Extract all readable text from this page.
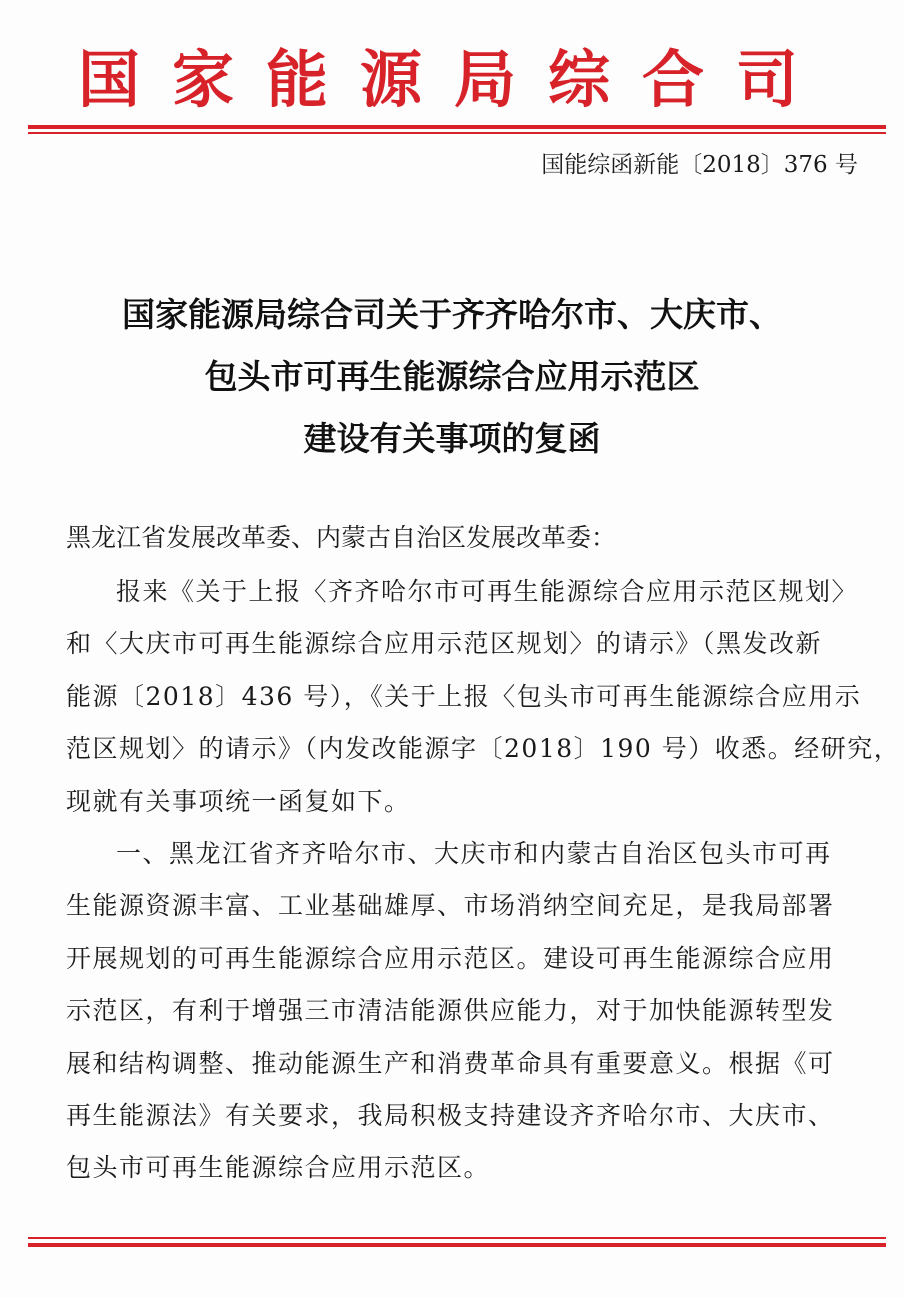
国家能源局综合司
国能综函新能〔2018〕376 号
国家能源局综合司关于齐齐哈尔市、大庆市、
包头市可再生能源综合应用示范区
建设有关事项的复函
黑龙江省发展改革委、内蒙古自治区发展改革委：
报来《关于上报〈齐齐哈尔市可再生能源综合应用示范区规划〉
和〈大庆市可再生能源综合应用示范区规划〉的请示》（黑发改新
能源〔2018〕436 号），《关于上报〈包头市可再生能源综合应用示
范区规划〉的请示》（内发改能源字〔2018〕190 号）收悉。经研究，
现就有关事项统一函复如下。
一、黑龙江省齐齐哈尔市、大庆市和内蒙古自治区包头市可再
生能源资源丰富、工业基础雄厚、市场消纳空间充足，是我局部署
开展规划的可再生能源综合应用示范区。建设可再生能源综合应用
示范区，有利于增强三市清洁能源供应能力，对于加快能源转型发
展和结构调整、推动能源生产和消费革命具有重要意义。根据《可
再生能源法》有关要求，我局积极支持建设齐齐哈尔市、大庆市、
包头市可再生能源综合应用示范区。
